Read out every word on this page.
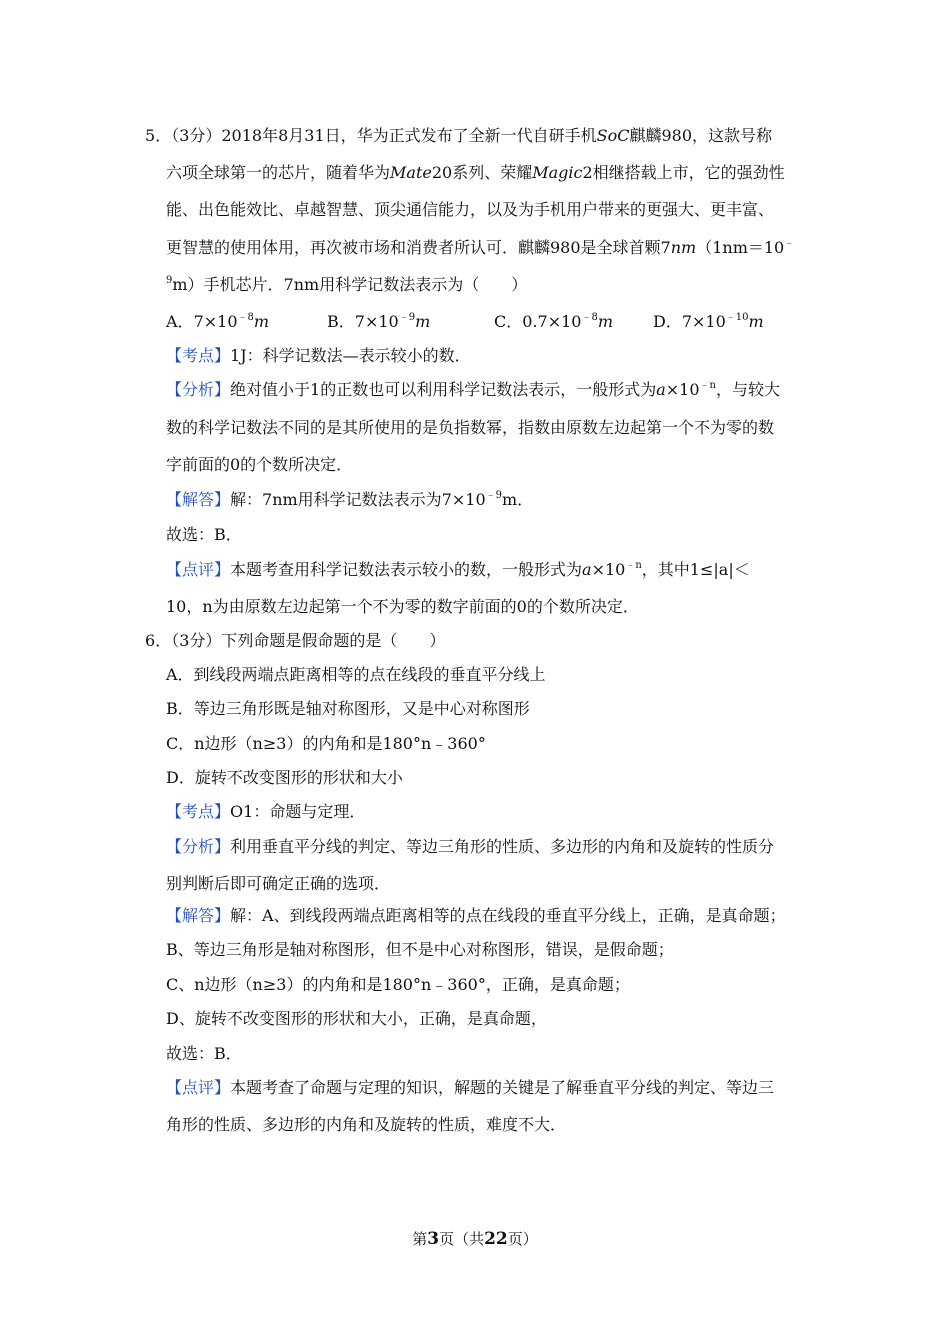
5．（3分）2018年8月31日，华为正式发布了全新一代自研手机SoC麒麟980，这款号称
六项全球第一的芯片，随着华为Mate20系列、荣耀Magic2相继搭载上市，它的强劲性
能、出色能效比、卓越智慧、顶尖通信能力，以及为手机用户带来的更强大、更丰富、
更智慧的使用体用，再次被市场和消费者所认可．麒麟980是全球首颗7nm（1nm＝10﹣
$^9$m）手机芯片．7nm用科学记数法表示为（　　）
A．$7\times 10^{﹣8}m$	B．$7\times 10^{﹣9}m$	C．$0.7\times 10^{﹣8}m$ D．$7\times 10^{﹣10}m$
【考点】1J：科学记数法—表示较小的数．
【分析】绝对值小于1的正数也可以利用科学记数法表示，一般形式为$a\times 10^{﹣n}$，与较大
数的科学记数法不同的是其所使用的是负指数幂，指数由原数左边起第一个不为零的数
字前面的0的个数所决定．
【解答】解：7nm用科学记数法表示为$7\times 10^{﹣9}m$．
故选：B．
【点评】本题考查用科学记数法表示较小的数，一般形式为$a\times 10^{﹣n}$，其中1≤|a|＜
10，n为由原数左边起第一个不为零的数字前面的0的个数所决定．
6．（3分）下列命题是假命题的是（　　）
A．到线段两端点距离相等的点在线段的垂直平分线上
B．等边三角形既是轴对称图形，又是中心对称图形
C．n边形（n≥3）的内角和是180°n﹣360°
D．旋转不改变图形的形状和大小
【考点】O1：命题与定理．
【分析】利用垂直平分线的判定、等边三角形的性质、多边形的内角和及旋转的性质分
别判断后即可确定正确的选项．
【解答】解：A、到线段两端点距离相等的点在线段的垂直平分线上，正确，是真命题；
B、等边三角形是轴对称图形，但不是中心对称图形，错误，是假命题；
C、n边形（n≥3）的内角和是180°n﹣360°，正确，是真命题；
D、旋转不改变图形的形状和大小，正确，是真命题，
故选：B．
【点评】本题考查了命题与定理的知识，解题的关键是了解垂直平分线的判定、等边三
角形的性质、多边形的内角和及旋转的性质，难度不大．
第3页（共22页）
